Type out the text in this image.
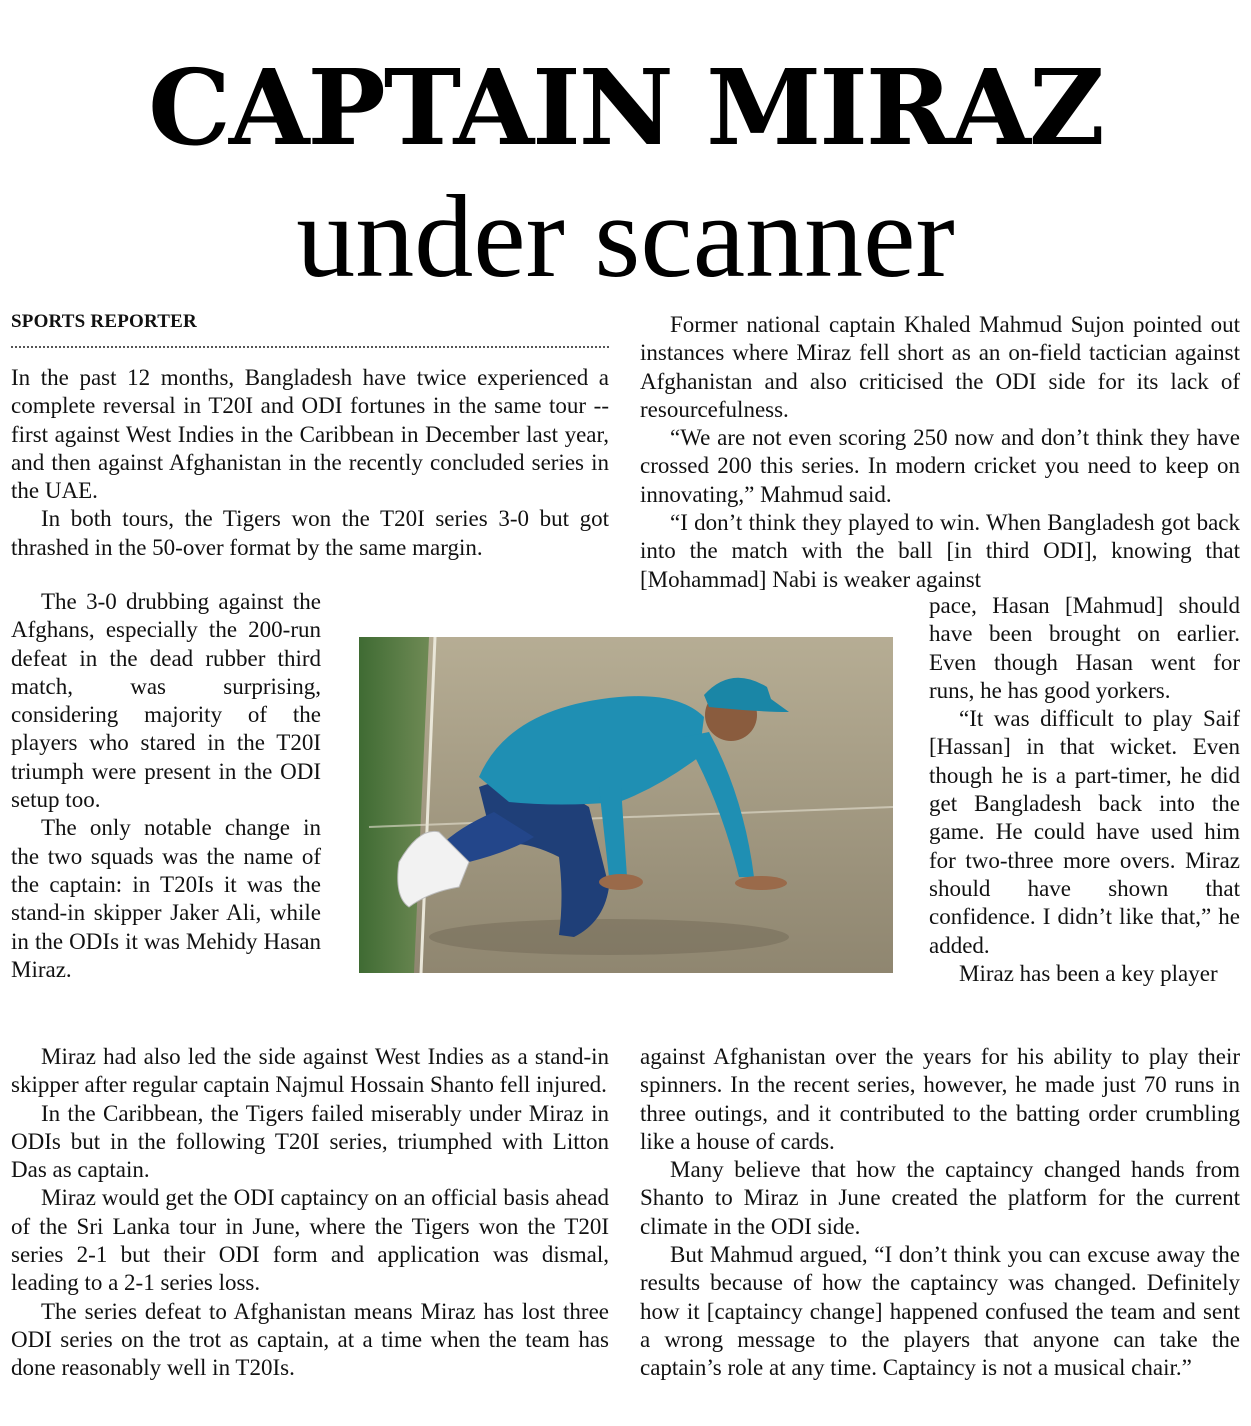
CAPTAIN MIRAZ
under scanner
SPORTS REPORTER

In the past 12 months, Bangladesh have twice experienced a complete reversal in T20I and ODI fortunes in the same tour -- first against West Indies in the Caribbean in December last year, and then against Afghanistan in the recently concluded series in the UAE.

In both tours, the Tigers won the T20I series 3-0 but got thrashed in the 50-over format by the same margin.

The 3-0 drubbing against the Afghans, especially the 200-run defeat in the dead rubber third match, was surprising, considering majority of the players who stared in the T20I triumph were present in the ODI setup too.

The only notable change in the two squads was the name of the captain: in T20Is it was the stand-in skipper Jaker Ali, while in the ODIs it was Mehidy Hasan Miraz.

Miraz had also led the side against West Indies as a stand-in skipper after regular captain Najmul Hossain Shanto fell injured.

In the Caribbean, the Tigers failed miserably under Miraz in ODIs but in the following T20I series, triumphed with Litton Das as captain.

Miraz would get the ODI captaincy on an official basis ahead of the Sri Lanka tour in June, where the Tigers won the T20I series 2-1 but their ODI form and application was dismal, leading to a 2-1 series loss.

The series defeat to Afghanistan means Miraz has lost three ODI series on the trot as captain, at a time when the team has done reasonably well in T20Is.

Former national captain Khaled Mahmud Sujon pointed out instances where Miraz fell short as an on-field tactician against Afghanistan and also criticised the ODI side for its lack of resourcefulness.

“We are not even scoring 250 now and don’t think they have crossed 200 this series. In modern cricket you need to keep on innovating,” Mahmud said.

“I don’t think they played to win. When Bangladesh got back into the match with the ball [in third ODI], knowing that [Mohammad] Nabi is weaker against

pace, Hasan [Mahmud] should have been brought on earlier. Even though Hasan went for runs, he has good yorkers.

“It was difficult to play Saif [Hassan] in that wicket. Even though he is a part-timer, he did get Bangladesh back into the game. He could have used him for two-three more overs. Miraz should have shown that confidence. I didn’t like that,” he added.

Miraz has been a key player

against Afghanistan over the years for his ability to play their spinners. In the recent series, however, he made just 70 runs in three outings, and it contributed to the batting order crumbling like a house of cards.

Many believe that how the captaincy changed hands from Shanto to Miraz in June created the platform for the current climate in the ODI side.

But Mahmud argued, “I don’t think you can excuse away the results because of how the captaincy was changed. Definitely how it [captaincy change] happened confused the team and sent a wrong message to the players that anyone can take the captain’s role at any time. Captaincy is not a musical chair.”
